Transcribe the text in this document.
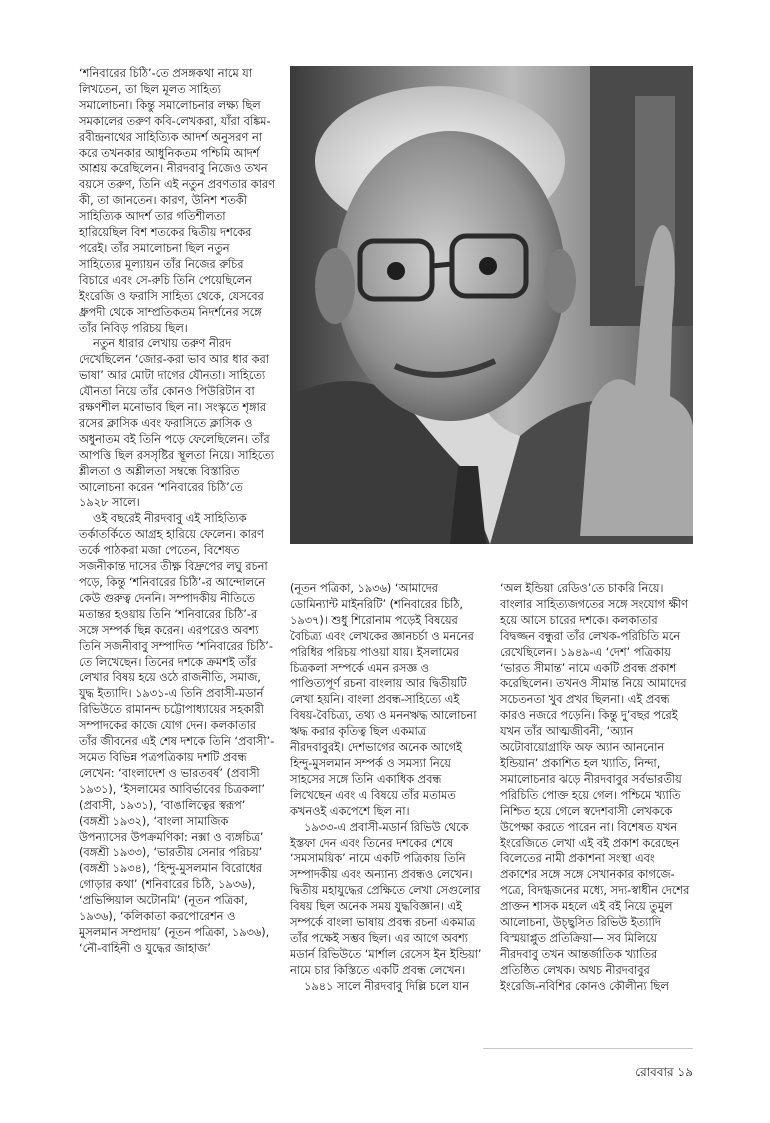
‘শনিবারের চিঠি’-তে প্রসঙ্গকথা নামে যা লিখতেন, তা ছিল মূলত সাহিত্য সমালোচনা। কিন্তু সমালোচনার লক্ষ্য ছিল সমকালের তরুণ কবি-লেখকরা, যাঁরা বঙ্কিম-রবীন্দ্রনাথের সাহিত্যিক আদর্শ অনুসরণ না করে তখনকার আধুনিকতম পশ্চিমি আদর্শ আশ্রয় করেছিলেন। নীরদবাবু নিজেও তখন বয়সে তরুণ, তিনি এই নতুন প্রবণতার কারণ কী, তা জানতেন। কারণ, উনিশ শতকী সাহিত্যিক আদর্শ তার গতিশীলতা হারিয়েছিল বিশ শতকের দ্বিতীয় দশকের পরেই। তাঁর সমালোচনা ছিল নতুন সাহিত্যের মূল্যায়ন তাঁর নিজের রুচির বিচারে এবং সে-রুচি তিনি পেয়েছিলেন ইংরেজি ও ফরাসি সাহিত্য থেকে, যেসবের ধ্রুপদী থেকে সাম্প্রতিকতম নিদর্শনের সঙ্গে তাঁর নিবিড় পরিচয় ছিল।

নতুন ধারার লেখায় তরুণ নীরদ দেখেছিলেন ‘জোর-করা ভাব আর ধার করা ভাষা’ আর মোটা দাগের যৌনতা। সাহিত্যে যৌনতা নিয়ে তাঁর কোনও পিউরিটান বা রক্ষণশীল মনোভাব ছিল না। সংস্কৃতে শৃঙ্গার রসের ক্লাসিক এবং ফরাসিতে ক্লাসিক ও অধুনাতম বই তিনি পড়ে ফেলেছিলেন। তাঁর আপত্তি ছিল রসসৃষ্টির স্থূলতা নিয়ে। সাহিত্যে শ্লীলতা ও অশ্লীলতা সম্বন্ধে বিস্তারিত আলোচনা করেন ‘শনিবারের চিঠি’তে ১৯২৮ সালে।

ওই বছরেই নীরদবাবু এই সাহিত্যিক তর্কাতর্কিতে আগ্রহ হারিয়ে ফেলেন। কারণ তর্কে পাঠকরা মজা পেতেন, বিশেষত সজনীকান্ত দাসের তীক্ষ্ণ বিদ্রুপের লঘু রচনা পড়ে, কিন্তু ‘শনিবারের চিঠি’-র আন্দোলনে কেউ গুরুত্ব দেননি। সম্পাদকীয় নীতিতে মতান্তর হওয়ায় তিনি ‘শনিবারের চিঠি’-র সঙ্গে সম্পর্ক ছিন্ন করেন। এরপরেও অবশ্য তিনি সজনীবাবু সম্পাদিত ‘শনিবারের চিঠি’-তে লিখেছেন। তিনের দশকে ক্রমশই তাঁর লেখার বিষয় হয়ে ওঠে রাজনীতি, সমাজ, যুদ্ধ ইত্যাদি। ১৯৩১-এ তিনি প্রবাসী-মডার্ন রিভিউতে রামানন্দ চট্টোপাধ্যায়ের সহকারী সম্পাদকের কাজে যোগ দেন। কলকাতার তাঁর জীবনের এই শেষ দশকে তিনি ‘প্রবাসী’-সমেত বিভিন্ন পত্রপত্রিকায় দশটি প্রবন্ধ লেখেন: ‘বাংলাদেশ ও ভারতবর্ষ’ (প্রবাসী ১৯৩১), ‘ইসলামের আবির্ভাবের চিত্রকলা’ (প্রবাসী, ১৯৩১), ‘বাঙালিত্বের স্বরূপ’ (বঙ্গশ্রী ১৯৩২), ‘বাংলা সামাজিক উপন্যাসের উপক্রমণিকা: নক্সা ও ব্যঙ্গচিত্র’ (বঙ্গশ্রী ১৯৩৩), ‘ভারতীয় সেনার পরিচয়’ (বঙ্গশ্রী ১৯৩৪), ‘হিন্দু-মুসলমান বিরোধের গোড়ার কথা’ (শনিবারের চিঠি, ১৯৩৬), ‘প্রভিন্সিয়াল অটোনমি’ (নূতন পত্রিকা, ১৯৩৬), ‘কলিকাতা করপোরেশন ও মুসলমান সম্প্রদায়’ (নূতন পত্রিকা, ১৯৩৬), ‘নৌ-বাহিনী ও যুদ্ধের জাহাজ’

(নূতন পত্রিকা, ১৯৩৬) ‘আমাদের ডোমিন্যান্ট মাইনরিটি’ (শনিবারের চিঠি, ১৯৩৭)। শুধু শিরোনাম পড়েই বিষয়ের বৈচিত্র্য এবং লেখকের জ্ঞানচর্চা ও মননের পরিধির পরিচয় পাওয়া যায়। ইসলামের চিত্রকলা সম্পর্কে এমন রসজ্ঞ ও পাণ্ডিত্যপূর্ণ রচনা বাংলায় আর দ্বিতীয়টি লেখা হয়নি। বাংলা প্রবন্ধ-সাহিত্যে এই বিষয়-বৈচিত্র্য, তথ্য ও মননঋদ্ধ আলোচনা ঋদ্ধ করার কৃতিত্ব ছিল একমাত্র নীরদবাবুরই। দেশভাগের অনেক আগেই হিন্দু-মুসলমান সম্পর্ক ও সমস্যা নিয়ে সাহসের সঙ্গে তিনি একাধিক প্রবন্ধ লিখেছেন এবং এ বিষয়ে তাঁর মতামত কখনওই একপেশে ছিল না।

১৯৩৩-এ প্রবাসী-মডার্ন রিভিউ থেকে ইস্তফা দেন এবং তিনের দশকের শেষে ‘সমসাময়িক’ নামে একটি পত্রিকায় তিনি সম্পাদকীয় এবং অন্যান্য প্রবন্ধও লেখেন। দ্বিতীয় মহাযুদ্ধের প্রেক্ষিতে লেখা সেগুলোর বিষয় ছিল অনেক সময় যুদ্ধবিজ্ঞান। এই সম্পর্কে বাংলা ভাষায় প্রবন্ধ রচনা একমাত্র তাঁর পক্ষেই সম্ভব ছিল। এর আগে অবশ্য মডার্ন রিভিউতে ‘মার্শাল রেসেস ইন ইন্ডিয়া’ নামে চার কিস্তিতে একটি প্রবন্ধ লেখেন।

১৯৪১ সালে নীরদবাবু দিল্লি চলে যান

‘অল ইন্ডিয়া রেডিও’তে চাকরি নিয়ে। বাংলার সাহিত্যজগতের সঙ্গে সংযোগ ক্ষীণ হয়ে আসে চারের দশকে। কলকাতার বিদ্বজ্জন বন্ধুরা তাঁর লেখক-পরিচিতি মনে রেখেছিলেন। ১৯৪৯-এ ‘দেশ’ পত্রিকায় ‘ভারত সীমান্ত’ নামে একটি প্রবন্ধ প্রকাশ করেছিলেন। তখনও সীমান্ত নিয়ে আমাদের সচেতনতা খুব প্রখর ছিলনা। এই প্রবন্ধ কারও নজরে পড়েনি। কিন্তু দু’বছর পরেই যখন তাঁর আত্মজীবনী, ‘অ্যান অটোবায়োগ্রাফি অফ অ্যান আননোন ইন্ডিয়ান’ প্রকাশিত হল খ্যাতি, নিন্দা, সমালোচনার ঝড়ে নীরদবাবুর সর্বভারতীয় পরিচিতি পোক্ত হয়ে গেল। পশ্চিমে খ্যাতি নিশ্চিত হয়ে গেলে স্বদেশবাসী লেখককে উপেক্ষা করতে পারেন না। বিশেষত যখন ইংরেজিতে লেখা এই বই প্রকাশ করেছেন বিলেতের নামী প্রকাশনা সংস্থা এবং প্রকাশের সঙ্গে সঙ্গে সেখানকার কাগজে-পত্রে, বিদগ্ধজনের মধ্যে, সদ্য-স্বাধীন দেশের প্রাক্তন শাসক মহলে এই বই নিয়ে তুমুল আলোচনা, উচ্ছ্বসিত রিভিউ ইত্যাদি বিস্ময়াপ্লুত প্রতিক্রিয়া— সব মিলিয়ে নীরদবাবু তখন আন্তর্জাতিক খ্যাতির প্রতিষ্ঠিত লেখক। অথচ নীরদবাবুর ইংরেজি-নবিশির কোনও কৌলীন্য ছিল

রোববার ১৯
